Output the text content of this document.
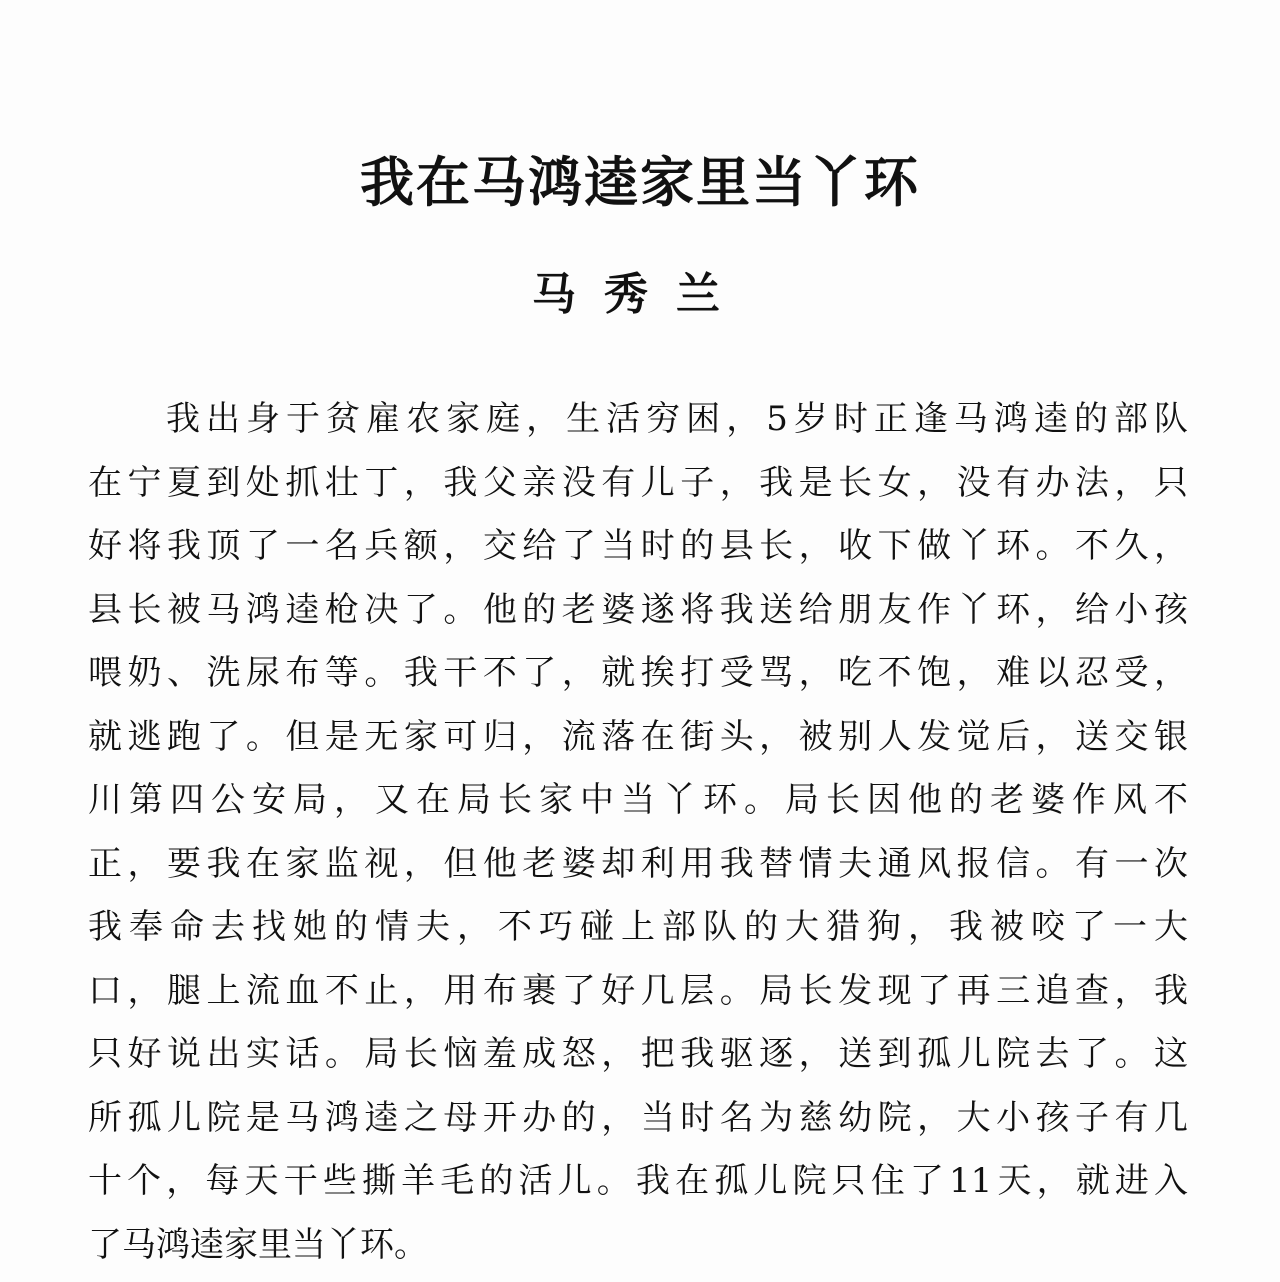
我在马鸿逵家里当丫环
马秀兰
我出身于贫雇农家庭，生活穷困，5岁时正逢马鸿逵的部队
在宁夏到处抓壮丁，我父亲没有儿子，我是长女，没有办法，只
好将我顶了一名兵额，交给了当时的县长，收下做丫环。不久，
县长被马鸿逵枪决了。他的老婆遂将我送给朋友作丫环，给小孩
喂奶、洗尿布等。我干不了，就挨打受骂，吃不饱，难以忍受，
就逃跑了。但是无家可归，流落在街头，被别人发觉后，送交银
川第四公安局，又在局长家中当丫环。局长因他的老婆作风不
正，要我在家监视，但他老婆却利用我替情夫通风报信。有一次
我奉命去找她的情夫，不巧碰上部队的大猎狗，我被咬了一大
口，腿上流血不止，用布裹了好几层。局长发现了再三追查，我
只好说出实话。局长恼羞成怒，把我驱逐，送到孤儿院去了。这
所孤儿院是马鸿逵之母开办的，当时名为慈幼院，大小孩子有几
十个，每天干些撕羊毛的活儿。我在孤儿院只住了11天，就进入
了马鸿逵家里当丫环。
